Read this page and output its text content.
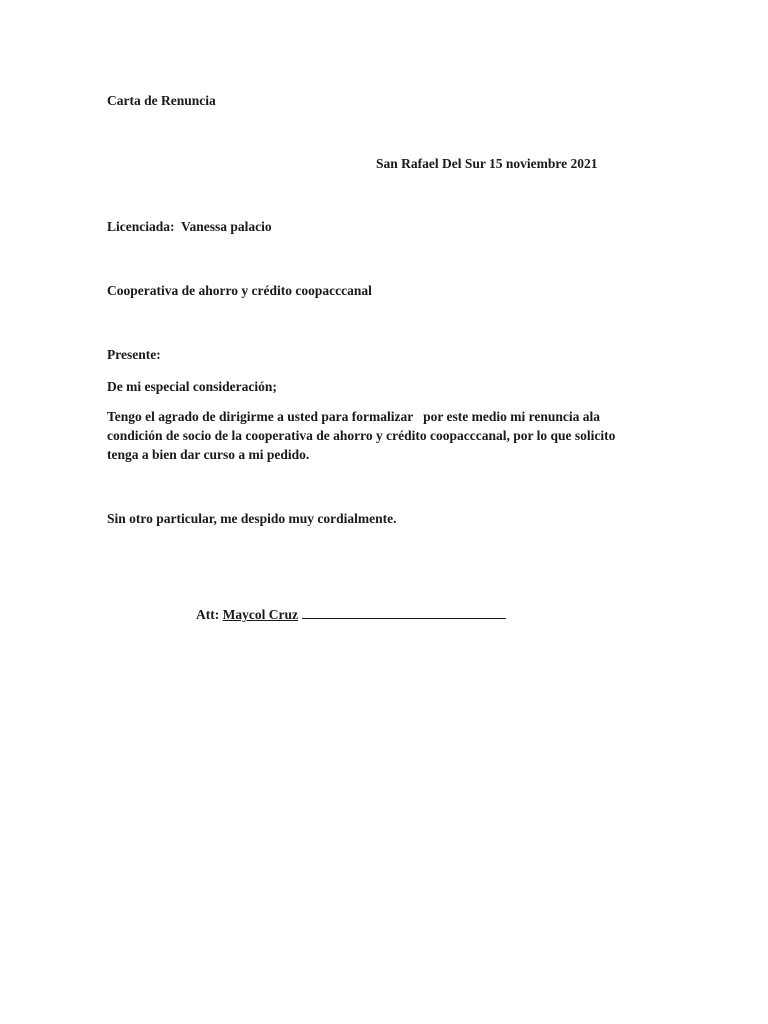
Carta de Renuncia
San Rafael Del Sur 15 noviembre 2021
Licenciada:  Vanessa palacio
Cooperativa de ahorro y crédito coopacccanal
Presente:
De mi especial consideración;
Tengo el agrado de dirigirme a usted para formalizar   por este medio mi renuncia ala
condición de socio de la cooperativa de ahorro y crédito coopacccanal, por lo que solicito
tenga a bien dar curso a mi pedido.
Sin otro particular, me despido muy cordialmente.
Att: Maycol Cruz
